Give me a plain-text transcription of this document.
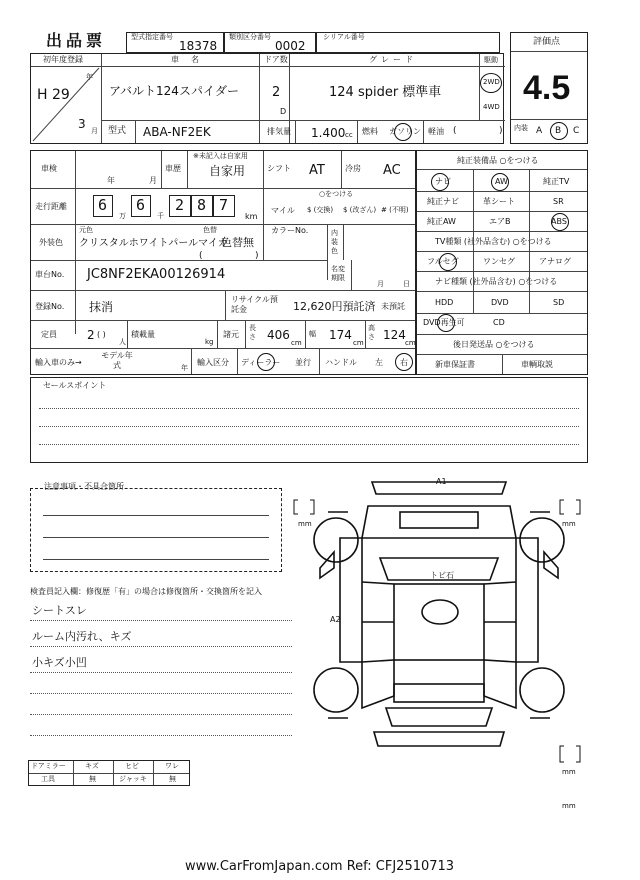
出品票	型式指定番号
18378
類別区分番号
0002
シリアル番号	評価点
4.5
内装 A B C
初年度登録
年
H 29
3 月
車名
アバルト124スパイダー
ドア数
2
D
グレード
124 spider 標準車
駆動
2WD
4WD
型式 ABA-NF2EK	排気量 1.400 cc 燃料 ガソリン 軽油 (	)
車検
年	月
車歴
※未記入は自家用
自家用	シフト AT	冷房 AC
走行距離 6
万
6
千
2 8 7
km
○をつける
マイル $ (交換) $ (改ざん) # (不明)
元色
外装色 クリスタルホワイトパールマイカ
色替
色替無
(	)
カラーNo.	内装色
車台No. JC8NF2EKA00126914	名変期限
月	日
登録No. 抹消
リサイクル預託金	12,620円預託済 未預託
定員	2 ( )
人
積載量
kg
諸元
長さ 406
cm
幅 174
cm
高さ 124
cm
輸入車のみ→
モデル年式	年
輸入区分 ディーラー 並行 ハンドル 左 右
純正装備品 ○をつける
ナビ	AW	純正TV
純正ナビ	革シート	SR
純正AW	エアB	ABS
TV種類 (社外品含む) ○をつける
フルセグ	ワンセグ	アナログ
ナビ種類 (社外品含む) ○をつける
HDD	DVD	SD
DVD再生可	CD
後日発送品 ○をつける
新車保証書	車輌取説
セールスポイント
注意事項・不具合箇所
検査員記入欄：修復歴「有」の場合は修復箇所・交換箇所を記入
シートスレ
ルーム内汚れ、キズ
小キズ小凹
ドアミラー	キズ	ヒビ	ワレ
工具	無	ジャッキ	無
A1
A2
トビ石
mm	mm
mm
mm
www.CarFromJapan.com Ref: CFJ2510713
